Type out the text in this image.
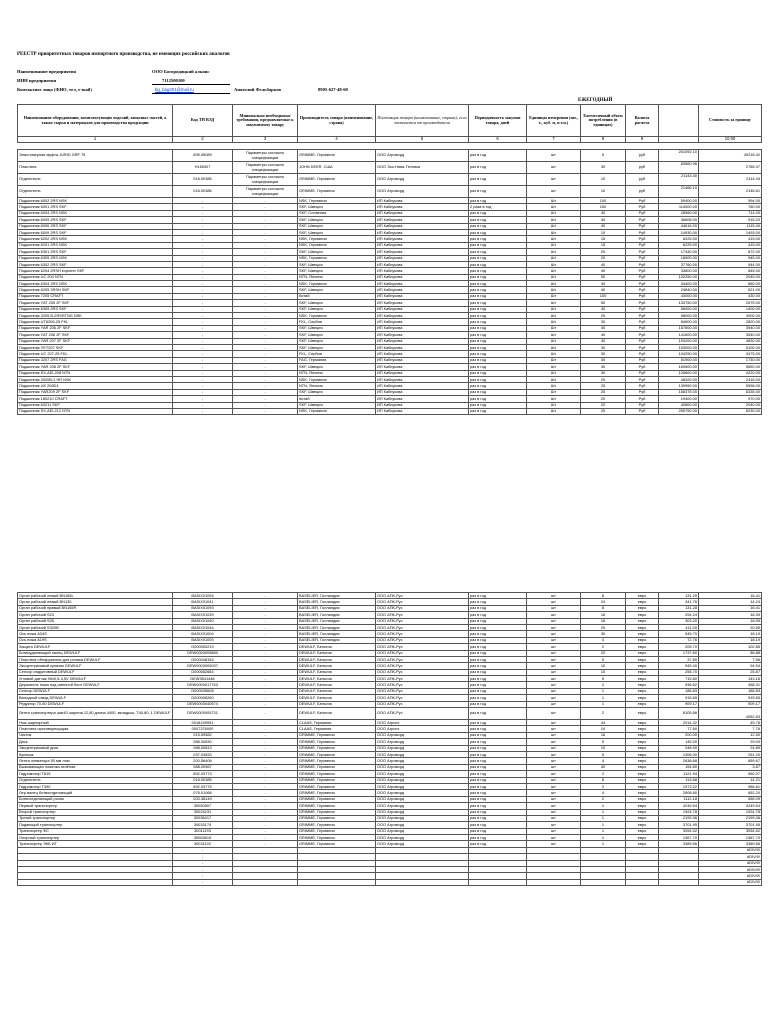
РЕЕСТР приоритетных товаров импортного производства, не имеющих российских аналогов
Наименование предприятия	ООО Богородицкий альянс
ИНН предприятия	7112500100
Контактное лицо (ФИО, тел, e-mail)	bg_bag401@mail.ru	Анатолий Фельбарков	8905-627-48-60
ЕЖЕГОДНЫЙ
Наименование оборудования, комплектующих изделий, запасных частей, а также сырья и материалов для производства продукции	Код ТН ВЭД	Минимально необходимые требования, предъявляемые к закупаемому товару	Производитель товара (наименование, страна)	Поставщик товара (наименование, страна), если отличается от производителя	Периодичность закупки товара, дней	Единицы измерения (шт., т., куб. м, и т.п.)	Ежемесячный объем потребления (в единицах)	Валюта расчета		Стоимость за единицу
1	2	3	4	5	6	7	8	9		10.00
Эластомерная муфта JURID GRF 75	895.05089	Параметры согласно спецификации	GRIMME, Германия	ООО Агроворд	раз в год	шт	5	руб	201092.10	40218.42
Пластина	H165407	Параметры согласно спецификации	JOHN DEER, США	ООО Эко-Нива-Техника	раз в год	шт	30	руб	83560.96	2785.37
Отделитель	018.00385	Параметры согласно спецификации	GRIMME, Германия	ООО Агроворд	раз в год	шт	10	руб	21143.40	2114.34
Отделитель	018.00386	Параметры согласно спецификации	GRIMME, Германия	ООО Агроворд	раз в год	шт	10	руб	21466.10	2146.61
Подшипник 6002 2RS NSK	-	-	NSK, Германия	ИП Каблукова	раз в год	Шт	100	Руб	59400.00	594.00
Подшипник 6001 2RS SKF	-	-	SKF, Швеция	ИП Каблукова	2 раза в год	Шт	150	Руб	114000.00	760.00
Подшипник 6004 2RS NSK	-	-	SKF, Словения	ИП Каблукова	раз в год	Шт	40	Руб	28560.00	714.00
Подшипник 6005 2RS SKF	-	-	SKF, Швеция	ИП Каблукова	раз в год	Шт	40	Руб	36608.00	915.20
Подшипник 6006 2RS SKF	-	-	SKF, Швеция	ИП Каблукова	раз в год	Шт	40	Руб	44616.00	1115.40
Подшипник 6009 2RS SKF	-	-	SKF, Швеция	ИП Каблукова	раз в год	Шт	10	Руб	14930.00	1493.00
Подшипник 6202 2RS NSK	-	-	NSK, Германия	ИП Каблукова	раз в год	Шт	15	Руб	6225.00	415.00
Подшипник 6201 2RS NSK	-	-	NSK, Германия	ИП Каблукова	раз в год	Шт	15	Руб	6225.00	415.00
Подшипник 6301 2RS SKF	-	-	SKF, Швеция	ИП Каблукова	раз в год	Шт	20	Руб	17440.00	872.00
Подшипник 6305 2RS NSK	-	-	NSK, Германия	ИП Каблукова	раз в год	Шт	20	Руб	18900.00	945.00
Подшипник 6302 2RS SKF	-	-	SKF, Швеция	ИП Каблукова	раз в год	Шт	40	Руб	37760.00	944.00
Подшипник 6204 2RSH explorer SKF	-	-	SKF, Швеция	ИП Каблукова	раз в год	Шт	40	Руб	33800.00	845.00
Подшипник UC 204 NTN	-	-	NTN, Япония	ИП Каблукова	раз в год	Шт	50	Руб	102250.00	2045.00
Подшипник 6304 2RS NSK	-	-	NSK, Германия	ИП Каблукова	раз в год	Шт	40	Руб	34400.00	860.00
Подшипник 6205 2RSH SKF	-	-	SKF, Швеция	ИП Каблукова	раз в год	Шт	40	Руб	24840.00	621.00
Подшипник 7205 CRAFT	-	-	Китай	ИП Каблукова	раз в год	Шт	100	Руб	43000.00	430.00
Подшипник YAT 205 2F SKF	-	-	SKF, Швеция	ИП Каблукова	раз в год	Шт	50	Руб	133750.00	2675.00
Подшипник 6305 2RS SKF	-	-	SKF, Швеция	ИП Каблукова	раз в год	Шт	40	Руб	56000.00	1400.00
Подшипник 3205 B-2RSRTNG NSK	-	-	NSK, Германия	ИП Каблукова	раз в год	Шт	20	Руб	98000.00	4900.00
Подшипник UT6206-25 FKL	-	-	FKL, Сербия	ИП Каблукова	раз в год	Шт	30	Руб	84600.00	2820.00
Подшипник YAR 206 2F SKF	-	-	SKF, Швеция	ИП Каблукова	раз в год	Шт	40	Руб	157600.00	3940.00
Подшипник YAT 206 2F SKF	-	-	SKF, Швеция	ИП Каблукова	раз в год	Шт	40	Руб	141600.00	3540.00
Подшипник YAR 207 2F SKF	-	-	SKF, Швеция	ИП Каблукова	раз в год	Шт	40	Руб	193200.00	4830.00
Подшипник YET207 SKF	-	-	SKF, Швеция	ИП Каблукова	раз в год	Шт	30	Руб	153000.00	5100.00
Подшипник UC 207-25 FKL	-	-	FKL, Сербия	ИП Каблукова	раз в год	Шт	30	Руб	104250.00	3475.00
Подшипник 3207 2RS FAG	-	-	FAG, Германия	ИП Каблукова	раз в год	Шт	30	Руб	51900.00	1730.00
Подшипник YAR 208 2F SKF	-	-	SKF, Швеция	ИП Каблукова	раз в год	Шт	30	Руб	169500.00	5650.00
Подшипник SX-AEL208 NTN	-	-	NTN, Япония	ИП Каблукова	раз в год	Шт	30	Руб	126600.00	4220.00
Подшипник 3020B-2 HR NSK	-	-	NSK, Германия	ИП Каблукова	раз в год	Шт	20	Руб	48320.00	2416.00
Подшипник UK 208D1	-	-	NTN, Япония	ИП Каблукова	раз в год	Шт	25	Руб	139950.00	5598.00
Подшипник YAR209 2F SKF	-	-	SKF, Швеция	ИП Каблукова	раз в год	Шт	25	Руб	158375.00	6335.00
Подшипник 180210 CRAFT	-	-	Китай	ИП Каблукова	раз в год	Шт	20	Руб	19400.00	970.00
Подшипник 63211 SKF	-	-	SKF, Швеция	ИП Каблукова	раз в год	Шт	20	Руб	40800.00	2040.00
Подшипник SX-AEL212 NTN	-	-	NSK, Германия	ИП Каблукова	раз в год	Шт	25	Руб	205750.00	8230.00
Орган рабочий левый BN165L	BASIX01094	-	BASELIER, Голландия	ООО АПК-Рус	раз в год	шт	8	евро	131.29	16.41
Орган рабочий левый BN130	BASIX01041	-	BASELIER, Голландия	ООО АПК-Рус	раз в год	шт	24	евро	341.76	14.24
Орган рабочий правый BN165R	BASIX01093	-	BASELIER, Голландия	ООО АПК-Рус	раз в год	шт	8	евро	131.28	16.41
Орган рабочий S23	BASIX01039	-	BASELIER, Голландия	ООО АПК-Рус	раз в год	шт	16	евро	294.24	18.39
Орган рабочий S26	BASIX01040	-	BASELIER, Голландия	ООО АПК-Рус	раз в год	шт	16	евро	303.20	18.95
Орган рабочий S320B	BASIX01044	-	BASELIER, Голландия	ООО АПК-Рус	раз в год	шт	20	евро	411.00	20.55
Ось ножа A34S	BASIX01004	-	BASELIER, Голландия	ООО АПК-Рус	раз в год	шт	30	евро	545.70	18.19
Ось ножа A19S	BASIX01005	-	BASELIER, Голландия	ООО АПК-Рус	раз в год	шт	4	евро	72.76	18.19
Защита DEWULF	D000050219	-	DEWULF, Бельгия	ООО АПК-Рус	раз в год	шт	2	евро	205.70	102.85
Ботвоудаляющий палец DEWULF	DEW0000005880	-	DEWULF, Бельгия	ООО АПК-Рус	раз в год	шт	20	евро	1737.60	86.88
Пластина обнаружения для ролика DEWULF	D000048154	-	DEWULF, Бельгия	ООО АПК-Рус	раз в год	шт	5	евро	37.80	7.56
Эксцентриковый кулачек DEWULF	DEW0000005037	-	DEWULF, Бельгия	ООО АПК-Рус	раз в год	шт	10	евро	945.40	94.54
Сенсор индуктивный DEWULF	D000082684	-	DEWULF, Бельгия	ООО АПК-Рус	раз в год	шт	10	евро	258.70	25.87
Угловой датчик 90x0,5-4,5V DEWULF	DEW3541448	-	DEWULF, Бельгия	ООО АПК-Рус	раз в год	шт	5	евро	715.80	143.16
Держатель ножа под сменной болт DEWULF	DEW0000017763	-	DEWULF, Бельгия	ООО АПК-Рус	раз в год	шт	2	евро	936.62	468.31
Сенсор DEWULF	D000035608	-	DEWULF, Бельгия	ООО АПК-Рус	раз в год	шт	1	евро	186.83	186.83
Выходной отвод DEWULF	D000008260	-	DEWULF, Бельгия	ООО АПК-Рус	раз в год	шт	1	евро	915.65	915.65
Редуктор 70-50 DEWULF	DEW0000040574	-	DEWULF, Бельгия	ООО АПК-Рус	раз в год	шт	1	евро	909.17	909.17
Лента транспортера шаг40 ширина 12,80 длина 4400, вкладыш, T40-80, 1 DEWULF	DEW0000005731	-	DEWULF, Бельгия	ООО АПК-Рус	раз в год	шт	2	евро	8105.66	4052.83
Нож шарнирный	0018159991	-	CLAAS, Германия	ООО Агриот	раз в год	шт	44	евро	2014.32	45.78
Пластина противорежущая	0007376000	-	CLAAS, Германия	ООО Агриот	раз в год	шт	10	евро	77.60	7.76
Чистик	015.59582	-	GRIMME, Германия	ООО Агроворд	раз в год	шт	16	евро	200.00	12.50
Диск	088.00830	-	GRIMME, Германия	ООО Агроворд	раз в год	шт	5	евро	145.00	29.00
Эксцентриковый диск	088.00813	-	GRIMME, Германия	ООО Агроворд	раз в год	шт	10	евро	248.90	24.89
Кулачок	037.03620	-	GRIMME, Германия	ООО Агроворд	раз в год	шт	5	евро	1306.00	261.20
Лента элеватора 90 мм лом.	200.56406	-	GRIMME, Германия	ООО Агроворд	раз в год	шт	4	евро	2638.68	659.67
Вызывающая ложечка зелёная	088.00567	-	GRIMME, Германия	ООО Агроворд	раз в год	шт	40	евро	154.80	3.87
Гидромотор T615	892.03773	-	GRIMME, Германия	ООО Агроворд	раз в год	шт	2	евро	1121.94	560.97
Отделитель	018.00385	-	GRIMME, Германия	ООО Агроворд	раз в год	шт	8	евро	113.68	14.21
Гидромотор T390	892.03775	-	GRIMME, Германия	ООО Агроворд	раз в год	шт	2	евро	1973.22	986.61
Лер.валец ботвоотделяющий	076.01066	-	GRIMME, Германия	ООО Агроворд	раз в год	шт	4	евро	2608.80	652.20
Ботвоотделяющий ролик	200.38149	-	GRIMME, Германия	ООО Агроворд	раз в год	шт	2	евро	1112.18	556.09
Первый транспортер	30050807	-	GRIMME, Германия	ООО Агроворд	раз в год	шт	1	евро	4249.54	4249.54
Второй транспортер	30024231	-	GRIMME, Германия	ООО Агроворд	раз в год	шт	1	евро	1924.78	1924.78
Третий транспортер	30036417	-	GRIMME, Германия	ООО Агроворд	раз в год	шт	1	евро	2199.36	2199.36
Подающий транспортер	30033174	-	GRIMME, Германия	ООО Агроворд	раз в год	шт	1	евро	3701.95	3701.95
Транспортер ФС	30011193	-	GRIMME, Германия	ООО Агроворд	раз в год	шт	1	евро	3054.52	3054.52
Опорный транспортер	30063615	-	GRIMME, Германия	ООО Агроворд	раз в год	шт	1	евро	1367.70	1367.70
Транспортер ЭКБ ИТ	30031102	-	GRIMME, Германия	ООО Агроворд	раз в год	шт	1	евро	3389.56	3389.56
	-									#DIV/0!
	-									#DIV/0!
	-									#DIV/0!
	-									#DIV/0!
	-									#DIV/0!
	-									#DIV/0!
